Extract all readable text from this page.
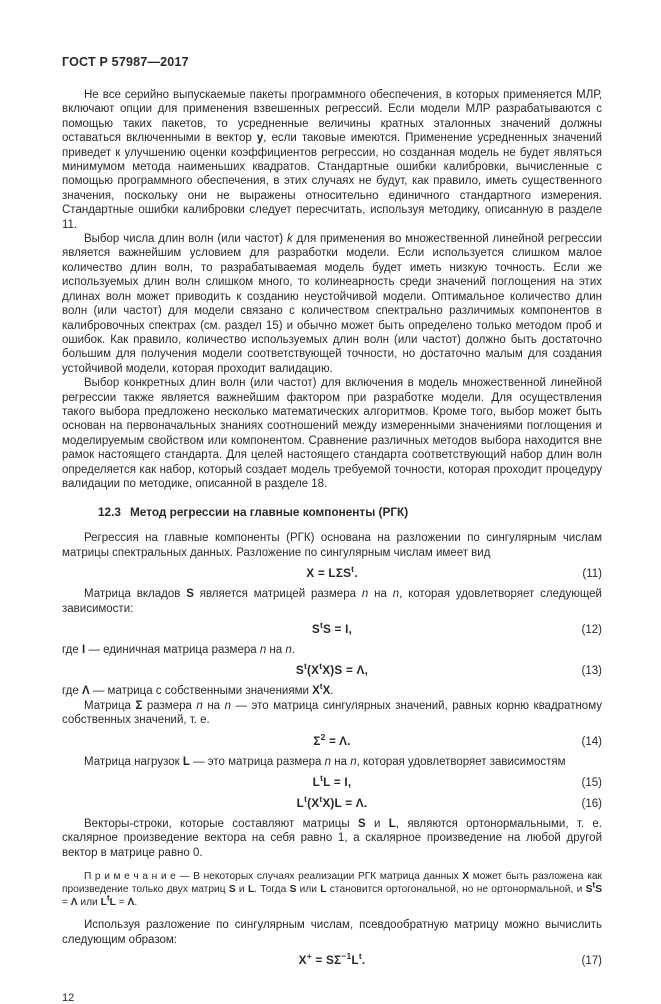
ГОСТ Р 57987—2017

Не все серийно выпускаемые пакеты программного обеспечения, в которых применяется МЛР, включают опции для применения взвешенных регрессий. Если модели МЛР разрабатываются с помощью таких пакетов, то усредненные величины кратных эталонных значений должны оставаться включенными в вектор y, если таковые имеются. Применение усредненных значений приведет к улучшению оценки коэффициентов регрессии, но созданная модель не будет являться минимумом метода наименьших квадратов. Стандартные ошибки калибровки, вычисленные с помощью программного обеспечения, в этих случаях не будут, как правило, иметь существенного значения, поскольку они не выражены относительно единичного стандартного измерения. Стандартные ошибки калибровки следует пересчитать, используя методику, описанную в разделе 11.

Выбор числа длин волн (или частот) k для применения во множественной линейной регрессии является важнейшим условием для разработки модели. Если используется слишком малое количество длин волн, то разрабатываемая модель будет иметь низкую точность. Если же используемых длин волн слишком много, то колинеарность среди значений поглощения на этих длинах волн может приводить к созданию неустойчивой модели. Оптимальное количество длин волн (или частот) для модели связано с количеством спектрально различимых компонентов в калибровочных спектрах (см. раздел 15) и обычно может быть определено только методом проб и ошибок. Как правило, количество используемых длин волн (или частот) должно быть достаточно большим для получения модели соответствующей точности, но достаточно малым для создания устойчивой модели, которая проходит валидацию.

Выбор конкретных длин волн (или частот) для включения в модель множественной линейной регрессии также является важнейшим фактором при разработке модели. Для осуществления такого выбора предложено несколько математических алгоритмов. Кроме того, выбор может быть основан на первоначальных знаниях соотношений между измеренными значениями поглощения и моделируемым свойством или компонентом. Сравнение различных методов выбора находится вне рамок настоящего стандарта. Для целей настоящего стандарта соответствующий набор длин волн определяется как набор, который создает модель требуемой точности, которая проходит процедуру валидации по методике, описанной в разделе 18.

12.3 Метод регрессии на главные компоненты (РГК)

Регрессия на главные компоненты (РГК) основана на разложении по сингулярным числам матрицы спектральных данных. Разложение по сингулярным числам имеет вид

$X = L\Sigma S^t$.	(11)

Матрица вкладов S является матрицей размера n на n, которая удовлетворяет следующей зависимости:

$S^tS = I$,	(12)

где I — единичная матрица размера n на n.

$S^t(X^tX)S = \Lambda$,	(13)

где Λ — матрица с собственными значениями $X^tX$.

Матрица Σ размера n на n — это матрица сингулярных значений, равных корню квадратному собственных значений, т. е.

$\Sigma^2 = \Lambda$.	(14)

Матрица нагрузок L — это матрица размера n на n, которая удовлетворяет зависимостям

$L^tL = I$,	(15)
$L^t(X^tX)L = \Lambda$.	(16)

Векторы-строки, которые составляют матрицы S и L, являются ортонормальными, т. е. скалярное произведение вектора на себя равно 1, а скалярное произведение на любой другой вектор в матрице равно 0.

П р и м е ч а н и е — В некоторых случаях реализации РГК матрица данных X может быть разложена как произведение только двух матриц S и L. Тогда S или L становится ортогональной, но не ортонормальной, и $S^tS = \Lambda$ или $L^tL = \Lambda$.

Используя разложение по сингулярным числам, псевдообратную матрицу можно вычислить следующим образом:

$X^+ = S\Sigma^{-1}L^t$.	(17)
12
